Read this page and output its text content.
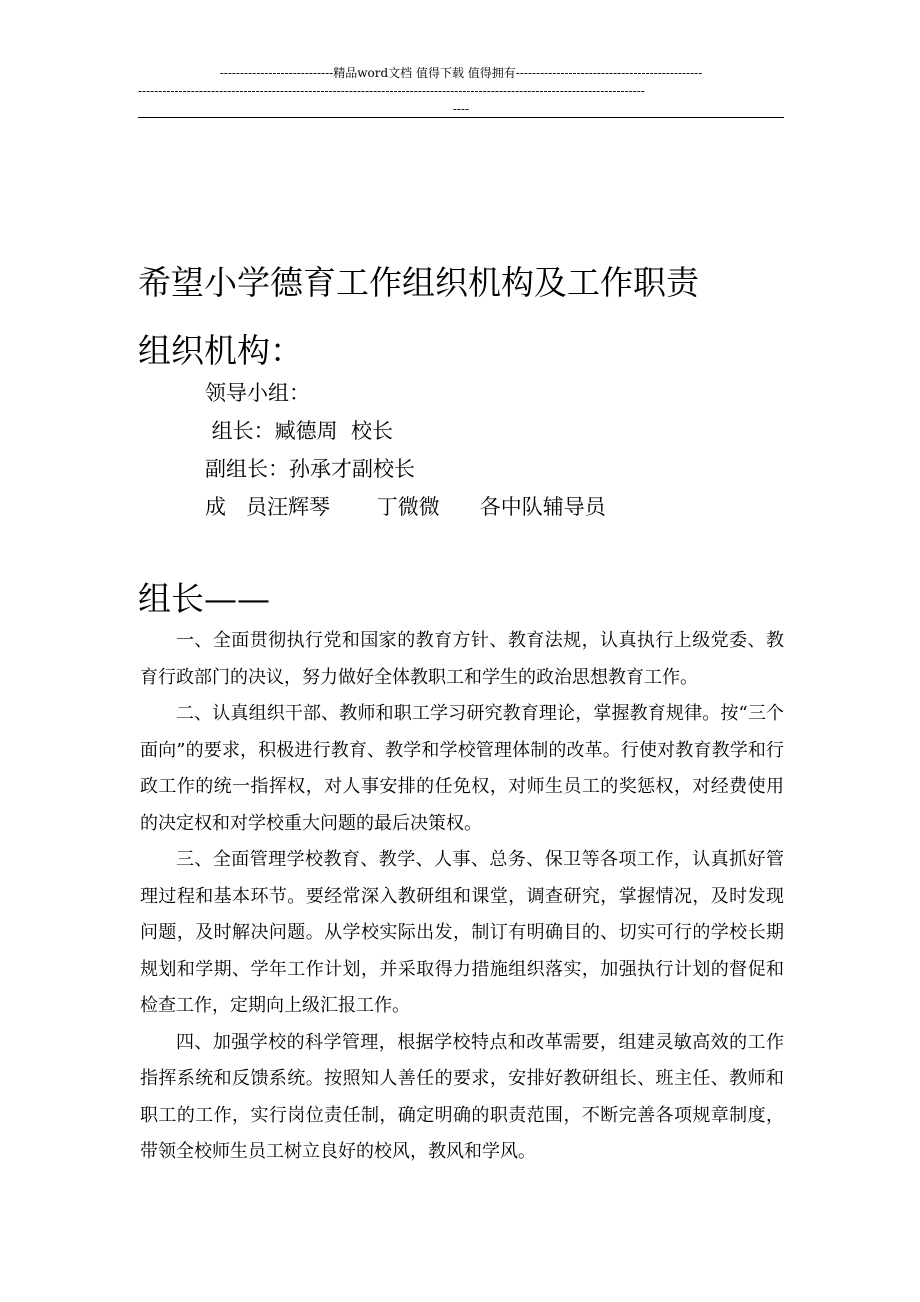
----------------------------精品word文档 值得下载 值得拥有----------------------------------------------
-----------------------------------------------------------------------------------------------------------------------------
----
希望小学德育工作组织机构及工作职责
组织机构：
领导小组：
组长：臧德周  校长
副组长：孙承才副校长
成   员汪辉琴       丁微微      各中队辅导员
组长——

一、全面贯彻执行党和国家的教育方针、教育法规，认真执行上级党委、教育行政部门的决议，努力做好全体教职工和学生的政治思想教育工作。

二、认真组织干部、教师和职工学习研究教育理论，掌握教育规律。按“三个面向”的要求，积极进行教育、教学和学校管理体制的改革。行使对教育教学和行政工作的统一指挥权，对人事安排的任免权，对师生员工的奖惩权，对经费使用的决定权和对学校重大问题的最后决策权。

三、全面管理学校教育、教学、人事、总务、保卫等各项工作，认真抓好管理过程和基本环节。要经常深入教研组和课堂，调查研究，掌握情况，及时发现问题，及时解决问题。从学校实际出发，制订有明确目的、切实可行的学校长期规划和学期、学年工作计划，并采取得力措施组织落实，加强执行计划的督促和检查工作，定期向上级汇报工作。

四、加强学校的科学管理，根据学校特点和改革需要，组建灵敏高效的工作指挥系统和反馈系统。按照知人善任的要求，安排好教研组长、班主任、教师和职工的工作，实行岗位责任制，确定明确的职责范围，不断完善各项规章制度，带领全校师生员工树立良好的校风，教风和学风。
